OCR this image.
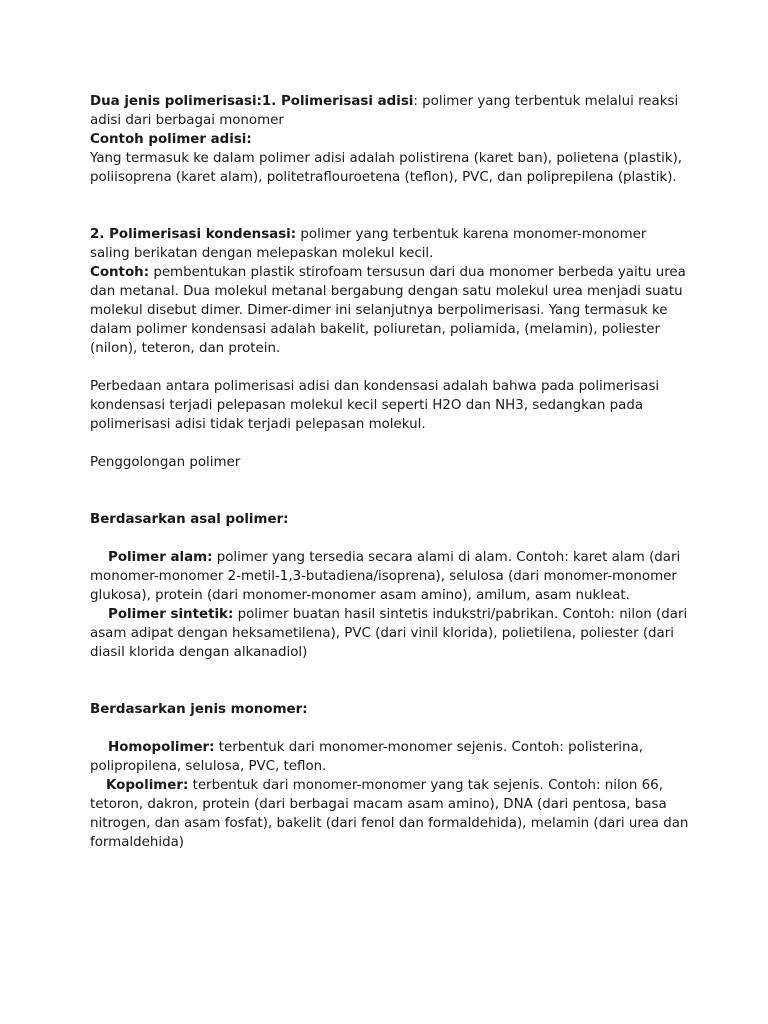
Dua jenis polimerisasi:1. Polimerisasi adisi: polimer yang terbentuk melalui reaksi adisi dari berbagai monomer

Contoh polimer adisi:

Yang termasuk ke dalam polimer adisi adalah polistirena (karet ban), polietena (plastik), poliisoprena (karet alam), politetraflouroetena (teflon), PVC, dan poliprepilena (plastik).

2. Polimerisasi kondensasi: polimer yang terbentuk karena monomer-monomer saling berikatan dengan melepaskan molekul kecil.

Contoh: pembentukan plastik stirofoam tersusun dari dua monomer berbeda yaitu urea dan metanal. Dua molekul metanal bergabung dengan satu molekul urea menjadi suatu molekul disebut dimer. Dimer-dimer ini selanjutnya berpolimerisasi. Yang termasuk ke dalam polimer kondensasi adalah bakelit, poliuretan, poliamida, (melamin), poliester (nilon), teteron, dan protein.

Perbedaan antara polimerisasi adisi dan kondensasi adalah bahwa pada polimerisasi kondensasi terjadi pelepasan molekul kecil seperti H2O dan NH3, sedangkan pada polimerisasi adisi tidak terjadi pelepasan molekul.

Penggolongan polimer

Berdasarkan asal polimer:

Polimer alam: polimer yang tersedia secara alami di alam. Contoh: karet alam (dari monomer-monomer 2-metil-1,3-butadiena/isoprena), selulosa (dari monomer-monomer glukosa), protein (dari monomer-monomer asam amino), amilum, asam nukleat.

Polimer sintetik: polimer buatan hasil sintetis indukstri/pabrikan. Contoh: nilon (dari asam adipat dengan heksametilena), PVC (dari vinil klorida), polietilena, poliester (dari diasil klorida dengan alkanadiol)

Berdasarkan jenis monomer:

Homopolimer: terbentuk dari monomer-monomer sejenis. Contoh: polisterina, polipropilena, selulosa, PVC, teflon.

Kopolimer: terbentuk dari monomer-monomer yang tak sejenis. Contoh: nilon 66, tetoron, dakron, protein (dari berbagai macam asam amino), DNA (dari pentosa, basa nitrogen, dan asam fosfat), bakelit (dari fenol dan formaldehida), melamin (dari urea dan formaldehida)
